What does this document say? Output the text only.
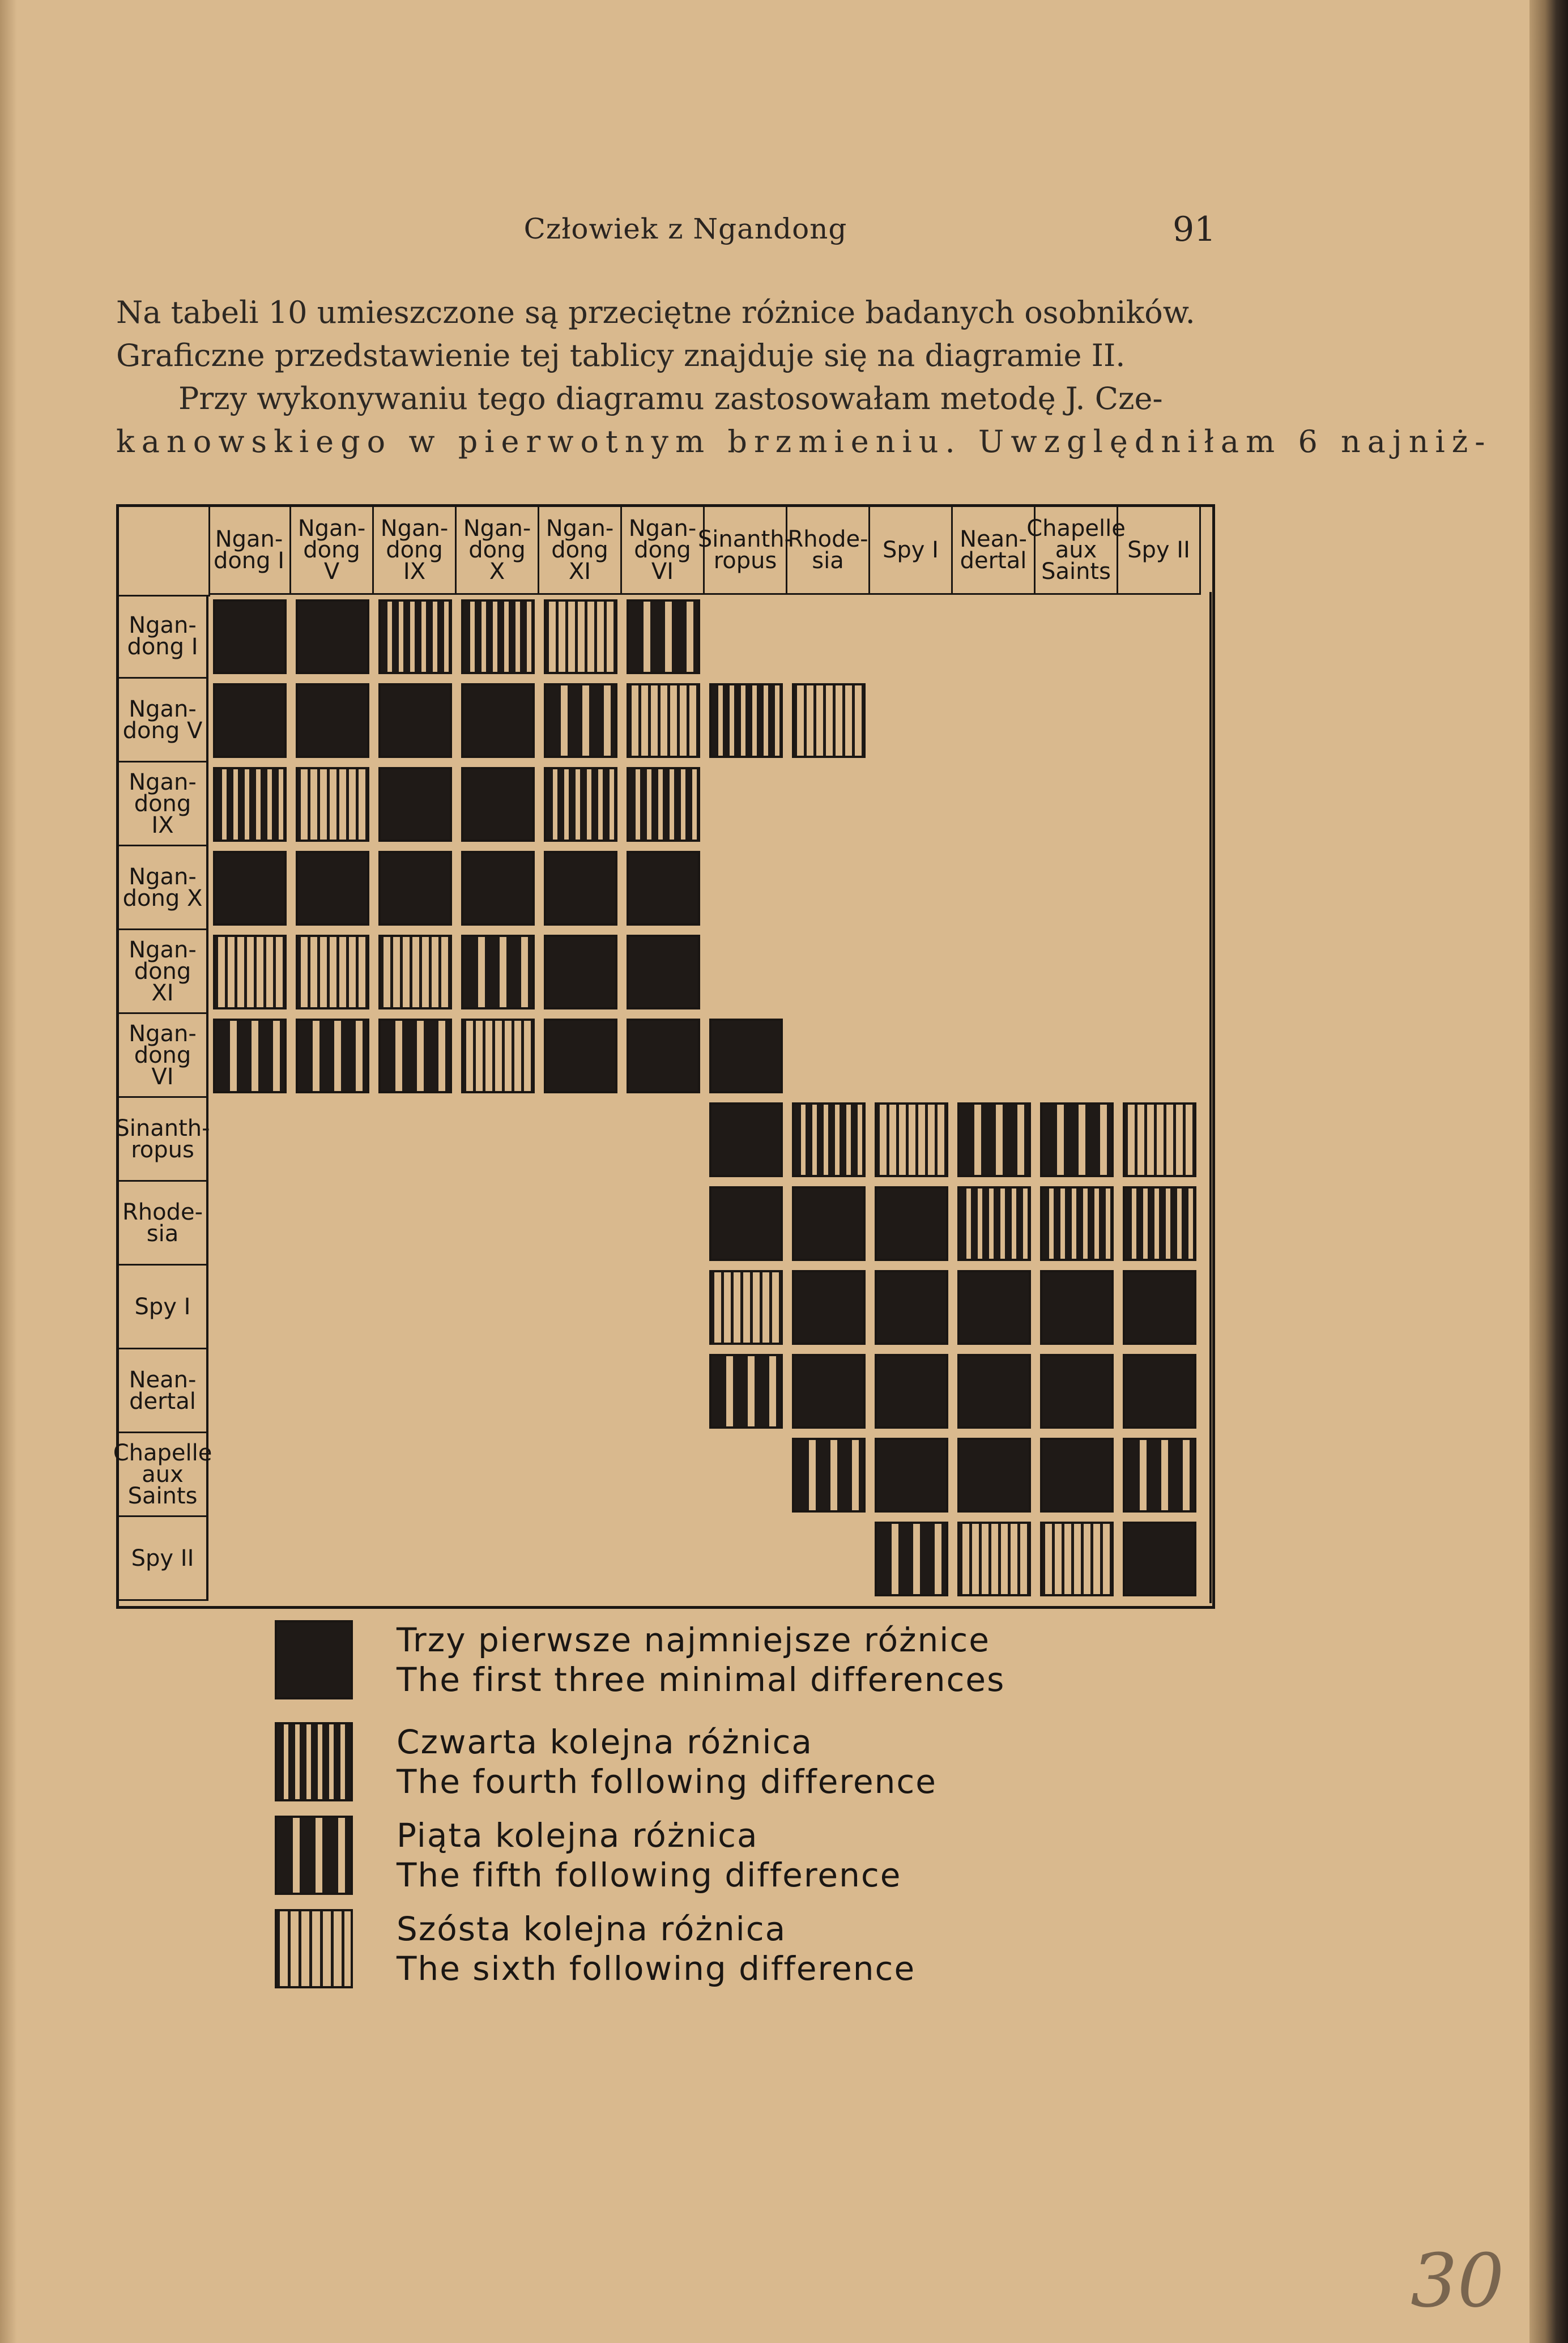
Człowiek z Ngandong	91
Na tabeli 10 umieszczone są przeciętne różnice badanych osobników.
Graficzne przedstawienie tej tablicy znajduje się na diagramie II.
Przy wykonywaniu tego diagramu zastosowałam metodę J. Cze-
kanowskiego w pierwotnym brzmieniu. Uwzględniłam 6 najniż-
Ngan-dong I
Ngan-dong V
Ngan-dong IX
Ngan-dong X
Ngan-dong XI
Ngan-dong VI
Sinanth-ropus
Rhode-sia	Spy I Nean-dertal
Chapelle aux Saints
Spy II
Ngan-dong I
Ngan-dong V
Ngan-dong IX
Ngan-dong X
Ngan-dong XI
Ngan-dong VI
Sinanth-ropus
Rhode-sia
Spy I
Nean-dertal
Chapelle aux Saints
Spy II
Trzy pierwsze najmniejsze różnice
The first three minimal differences
Czwarta kolejna różnica
The fourth following difference
Piąta kolejna różnica
The fifth following difference
Szósta kolejna różnica
The sixth following difference
30
